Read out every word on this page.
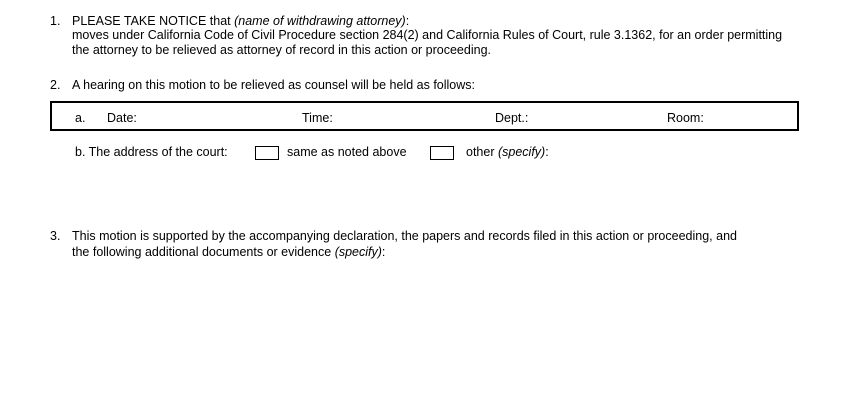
1. PLEASE TAKE NOTICE that (name of withdrawing attorney):
moves under California Code of Civil Procedure section 284(2) and California Rules of Court, rule 3.1362, for an order permitting
the attorney to be relieved as attorney of record in this action or proceeding.
2. A hearing on this motion to be relieved as counsel will be held as follows:
a. Date:	Time:	Dept.:	Room:
b. The address of the court:	same as noted above	other (specify):
3. This motion is supported by the accompanying declaration, the papers and records filed in this action or proceeding, and
the following additional documents or evidence (specify):
